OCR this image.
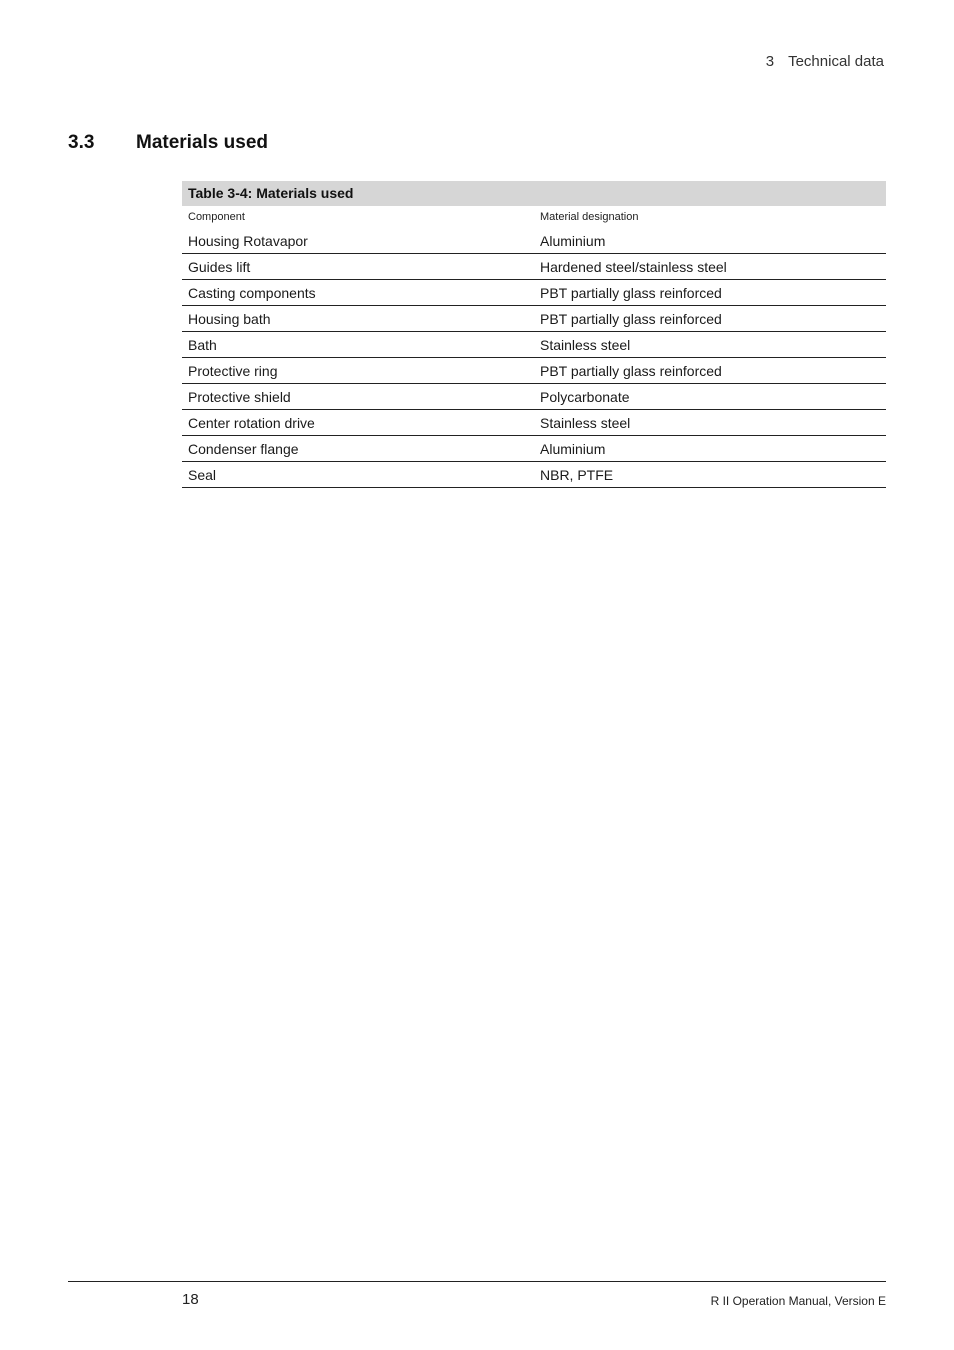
3 Technical data
3.3 Materials used
Table 3-4: Materials used
Component	Material designation
Housing Rotavapor	Aluminium
Guides lift	Hardened steel/stainless steel
Casting components	PBT partially glass reinforced
Housing bath	PBT partially glass reinforced
Bath	Stainless steel
Protective ring	PBT partially glass reinforced
Protective shield	Polycarbonate
Center rotation drive	Stainless steel
Condenser flange	Aluminium
Seal	NBR, PTFE
18	R II Operation Manual, Version E
